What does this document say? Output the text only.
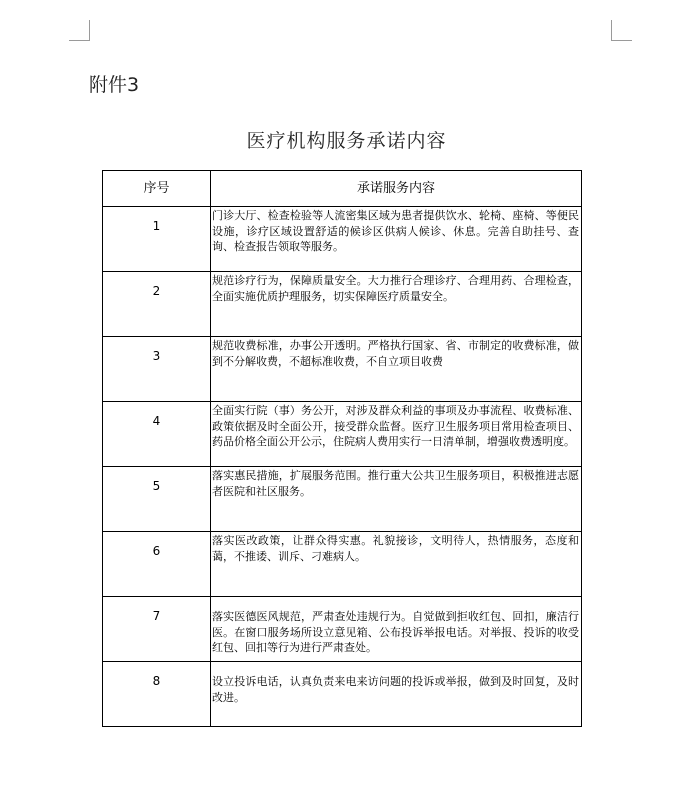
附件3
医疗机构服务承诺内容
序号	承诺服务内容
1	门诊大厅、检查检验等人流密集区域为患者提供饮水、轮椅、座椅、等便民设施，诊疗区域设置舒适的候诊区供病人候诊、休息。完善自助挂号、查询、检查报告领取等服务。
2	规范诊疗行为，保障质量安全。大力推行合理诊疗、合理用药、合理检查，全面实施优质护理服务，切实保障医疗质量安全。
3	规范收费标准，办事公开透明。严格执行国家、省、市制定的收费标准，做到不分解收费，不超标准收费，不自立项目收费
4	全面实行院（事）务公开，对涉及群众利益的事项及办事流程、收费标准、政策依据及时全面公开，接受群众监督。医疗卫生服务项目常用检查项目、药品价格全面公开公示，住院病人费用实行一日清单制，增强收费透明度。
5	落实惠民措施，扩展服务范围。推行重大公共卫生服务项目，积极推进志愿者医院和社区服务。
6	落实医改政策，让群众得实惠。礼貌接诊，文明待人，热情服务，态度和蔼，不推诿、训斥、刁难病人。
7	落实医德医风规范，严肃查处违规行为。自觉做到拒收红包、回扣，廉洁行医。在窗口服务场所设立意见箱、公布投诉举报电话。对举报、投诉的收受红包、回扣等行为进行严肃查处。
8	设立投诉电话，认真负责来电来访问题的投诉或举报，做到及时回复，及时改进。
